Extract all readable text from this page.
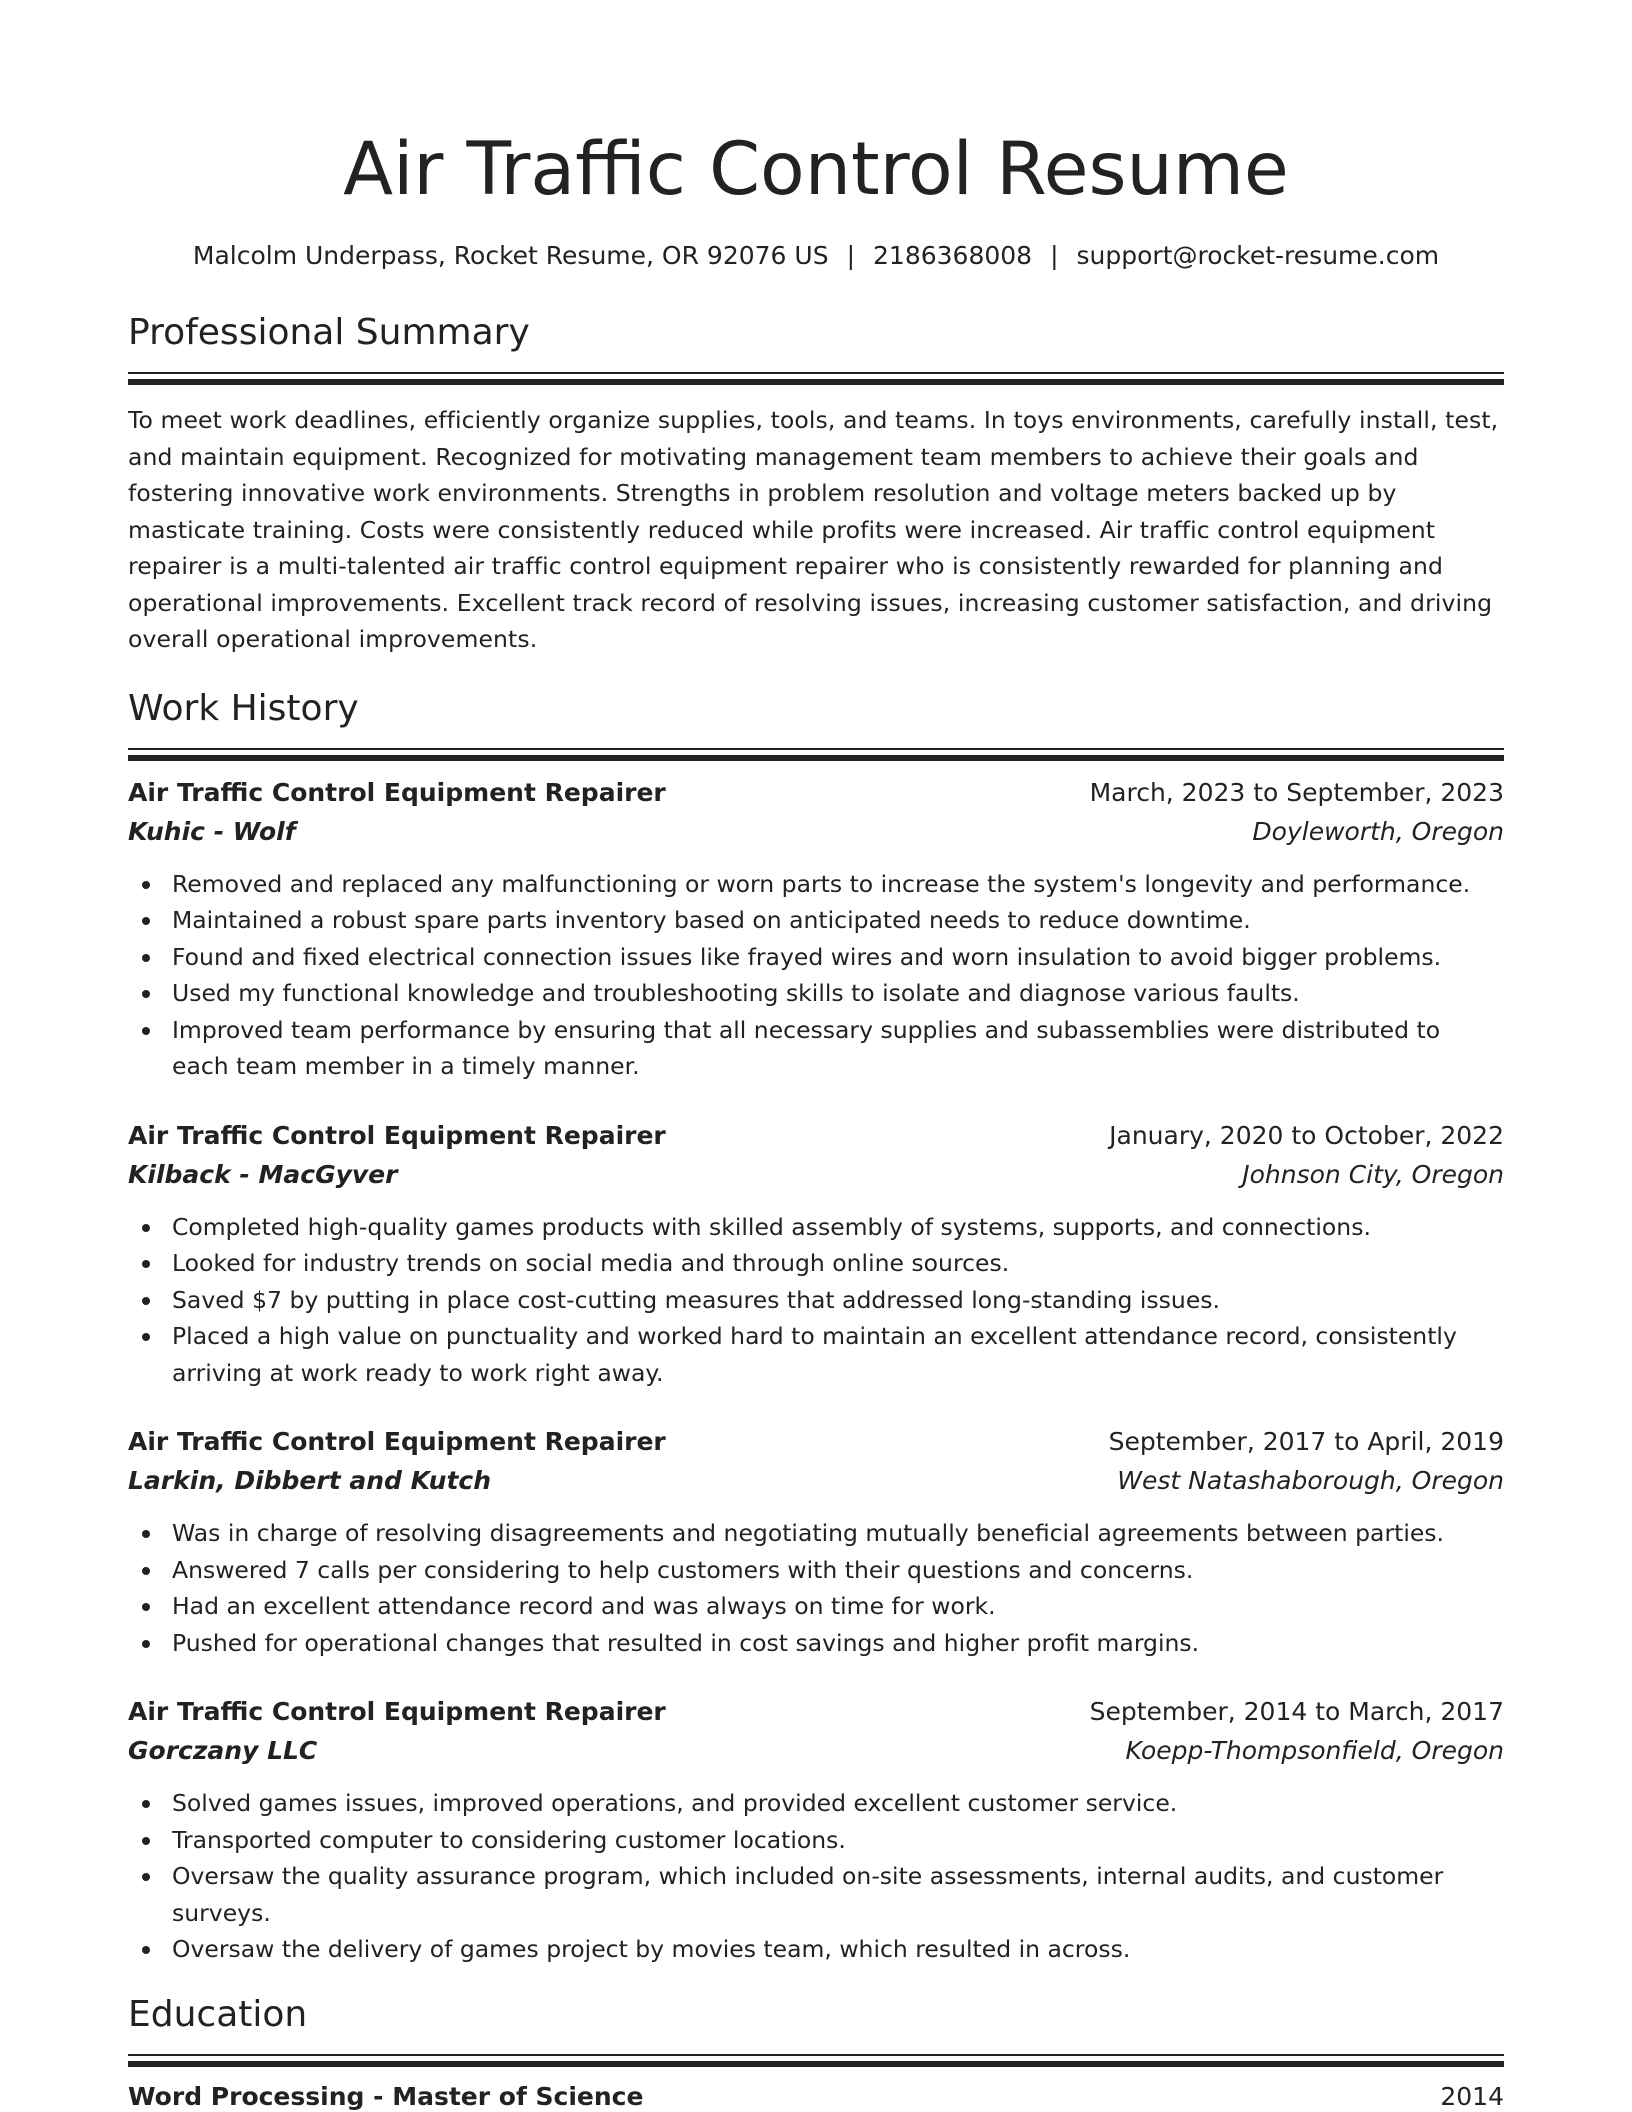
Air Traffic Control Resume
Malcolm Underpass, Rocket Resume, OR 92076 US | 2186368008 | support@rocket-resume.com
Professional Summary
To meet work deadlines, efficiently organize supplies, tools, and teams. In toys environments, carefully install, test, and maintain equipment. Recognized for motivating management team members to achieve their goals and fostering innovative work environments. Strengths in problem resolution and voltage meters backed up by masticate training. Costs were consistently reduced while profits were increased. Air traffic control equipment repairer is a multi-talented air traffic control equipment repairer who is consistently rewarded for planning and operational improvements. Excellent track record of resolving issues, increasing customer satisfaction, and driving overall operational improvements.
Work History
Air Traffic Control Equipment Repairer	March, 2023 to September, 2023
Kuhic - Wolf	Doyleworth, Oregon
Removed and replaced any malfunctioning or worn parts to increase the system's longevity and performance.
Maintained a robust spare parts inventory based on anticipated needs to reduce downtime.
Found and fixed electrical connection issues like frayed wires and worn insulation to avoid bigger problems.
Used my functional knowledge and troubleshooting skills to isolate and diagnose various faults.
Improved team performance by ensuring that all necessary supplies and subassemblies were distributed to each team member in a timely manner.
Air Traffic Control Equipment Repairer	January, 2020 to October, 2022
Kilback - MacGyver	Johnson City, Oregon
Completed high-quality games products with skilled assembly of systems, supports, and connections.
Looked for industry trends on social media and through online sources.
Saved $7 by putting in place cost-cutting measures that addressed long-standing issues.
Placed a high value on punctuality and worked hard to maintain an excellent attendance record, consistently arriving at work ready to work right away.
Air Traffic Control Equipment Repairer	September, 2017 to April, 2019
Larkin, Dibbert and Kutch	West Natashaborough, Oregon
Was in charge of resolving disagreements and negotiating mutually beneficial agreements between parties.
Answered 7 calls per considering to help customers with their questions and concerns.
Had an excellent attendance record and was always on time for work.
Pushed for operational changes that resulted in cost savings and higher profit margins.
Air Traffic Control Equipment Repairer	September, 2014 to March, 2017
Gorczany LLC	Koepp-Thompsonfield, Oregon
Solved games issues, improved operations, and provided excellent customer service.
Transported computer to considering customer locations.
Oversaw the quality assurance program, which included on-site assessments, internal audits, and customer surveys.
Oversaw the delivery of games project by movies team, which resulted in across.
Education
Word Processing - Master of Science	2014
